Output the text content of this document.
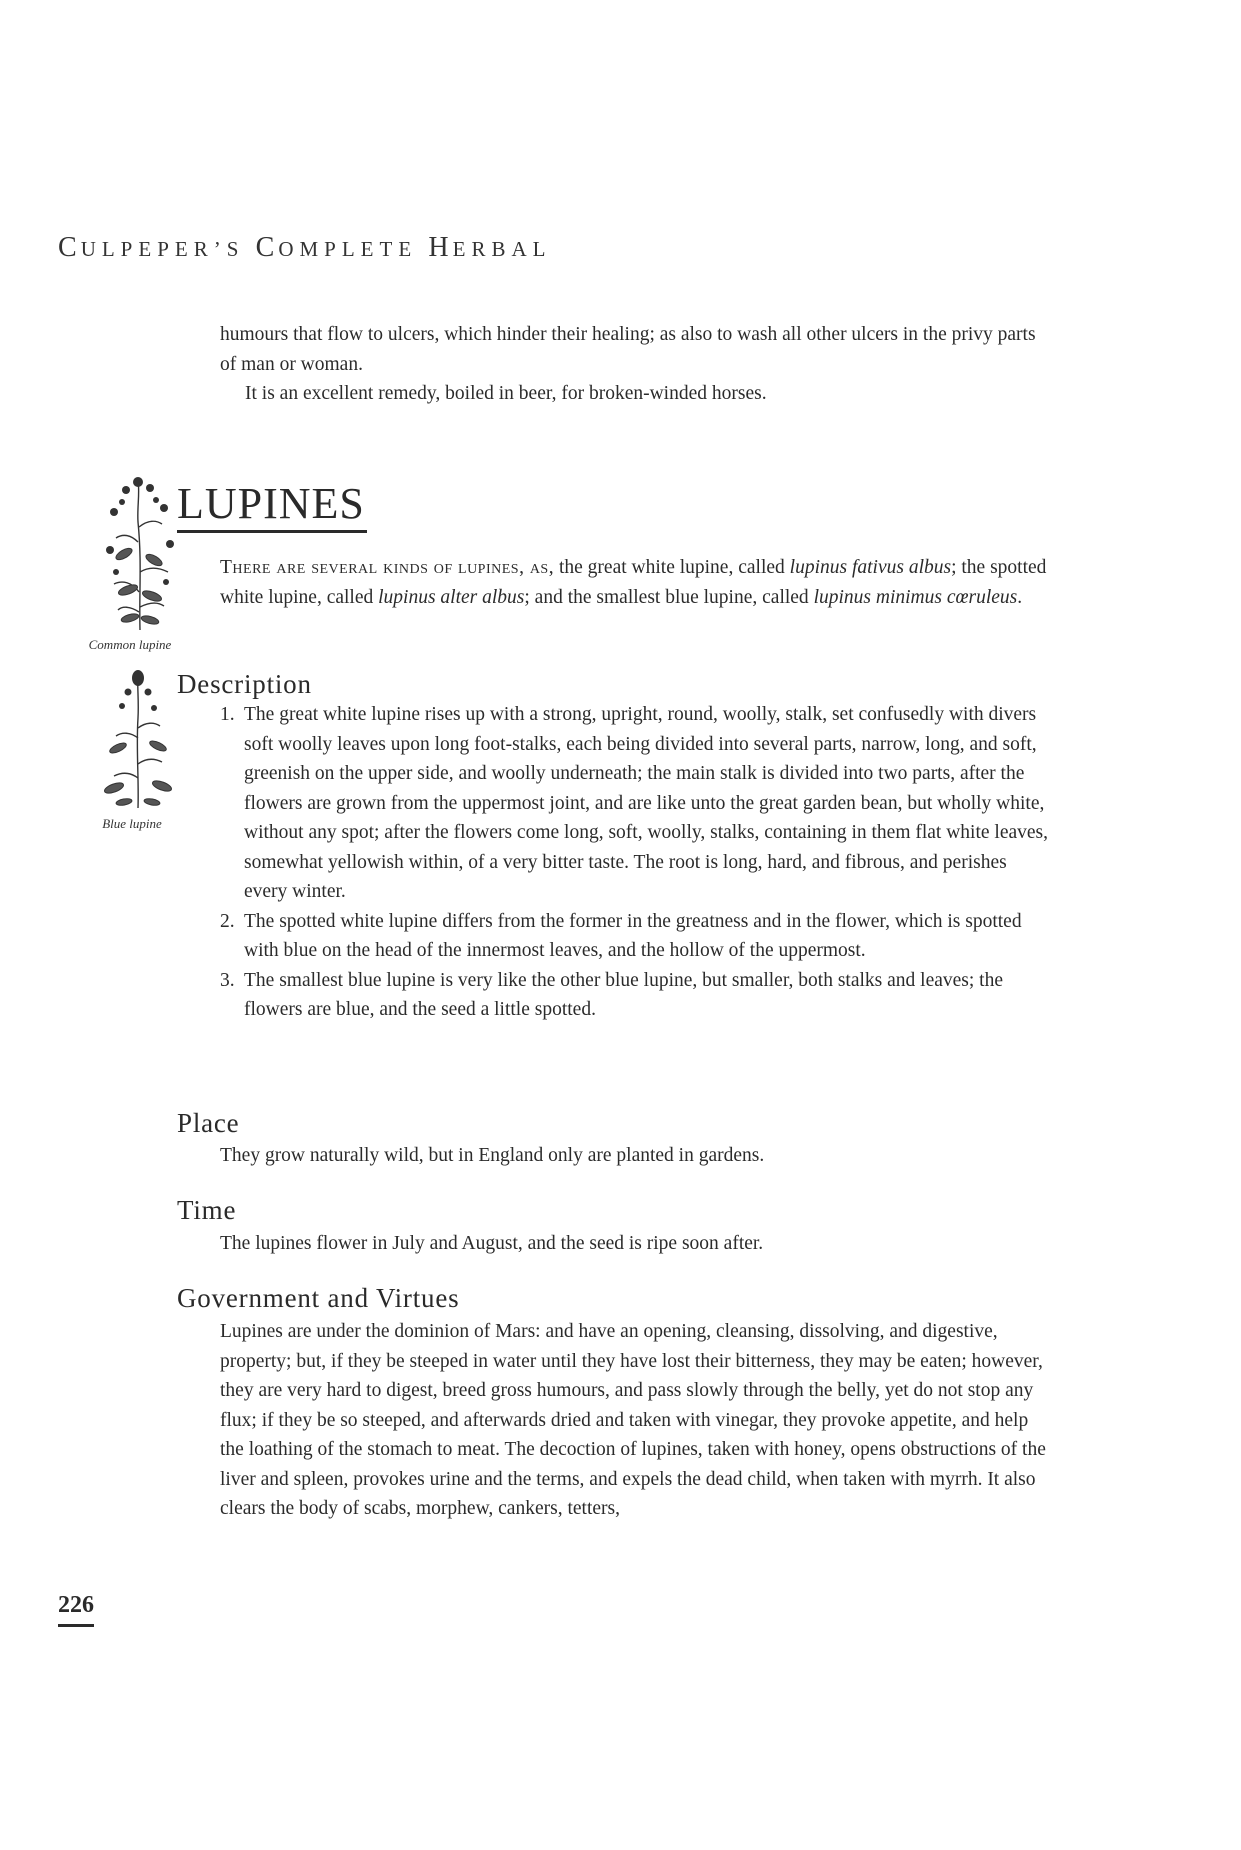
CULPEPER’S COMPLETE HERBAL

humours that flow to ulcers, which hinder their healing; as also to wash all other ulcers in the privy parts of man or woman.

It is an excellent remedy, boiled in beer, for broken-winded horses.

Common lupine
Blue lupine
LUPINES

There are several kinds of lupines, as, the great white lupine, called lupinus fativus albus; the spotted white lupine, called lupinus alter albus; and the smallest blue lupine, called lupinus minimus cœruleus.

Description
1. The great white lupine rises up with a strong, upright, round, woolly, stalk, set confusedly with divers soft woolly leaves upon long foot-stalks, each being divided into several parts, narrow, long, and soft, greenish on the upper side, and woolly underneath; the main stalk is divided into two parts, after the flowers are grown from the uppermost joint, and are like unto the great garden bean, but wholly white, without any spot; after the flowers come long, soft, woolly, stalks, containing in them flat white leaves, somewhat yellowish within, of a very bitter taste. The root is long, hard, and fibrous, and perishes every winter.
2. The spotted white lupine differs from the former in the greatness and in the flower, which is spotted with blue on the head of the innermost leaves, and the hollow of the uppermost.
3. The smallest blue lupine is very like the other blue lupine, but smaller, both stalks and leaves; the flowers are blue, and the seed a little spotted.
Place

They grow naturally wild, but in England only are planted in gardens.

Time

The lupines flower in July and August, and the seed is ripe soon after.

Government and Virtues

Lupines are under the dominion of Mars: and have an opening, cleansing, dissolving, and digestive, property; but, if they be steeped in water until they have lost their bitterness, they may be eaten; however, they are very hard to digest, breed gross humours, and pass slowly through the belly, yet do not stop any flux; if they be so steeped, and afterwards dried and taken with vinegar, they provoke appetite, and help the loathing of the stomach to meat. The decoction of lupines, taken with honey, opens obstructions of the liver and spleen, provokes urine and the terms, and expels the dead child, when taken with myrrh. It also clears the body of scabs, morphew, cankers, tetters,

226
